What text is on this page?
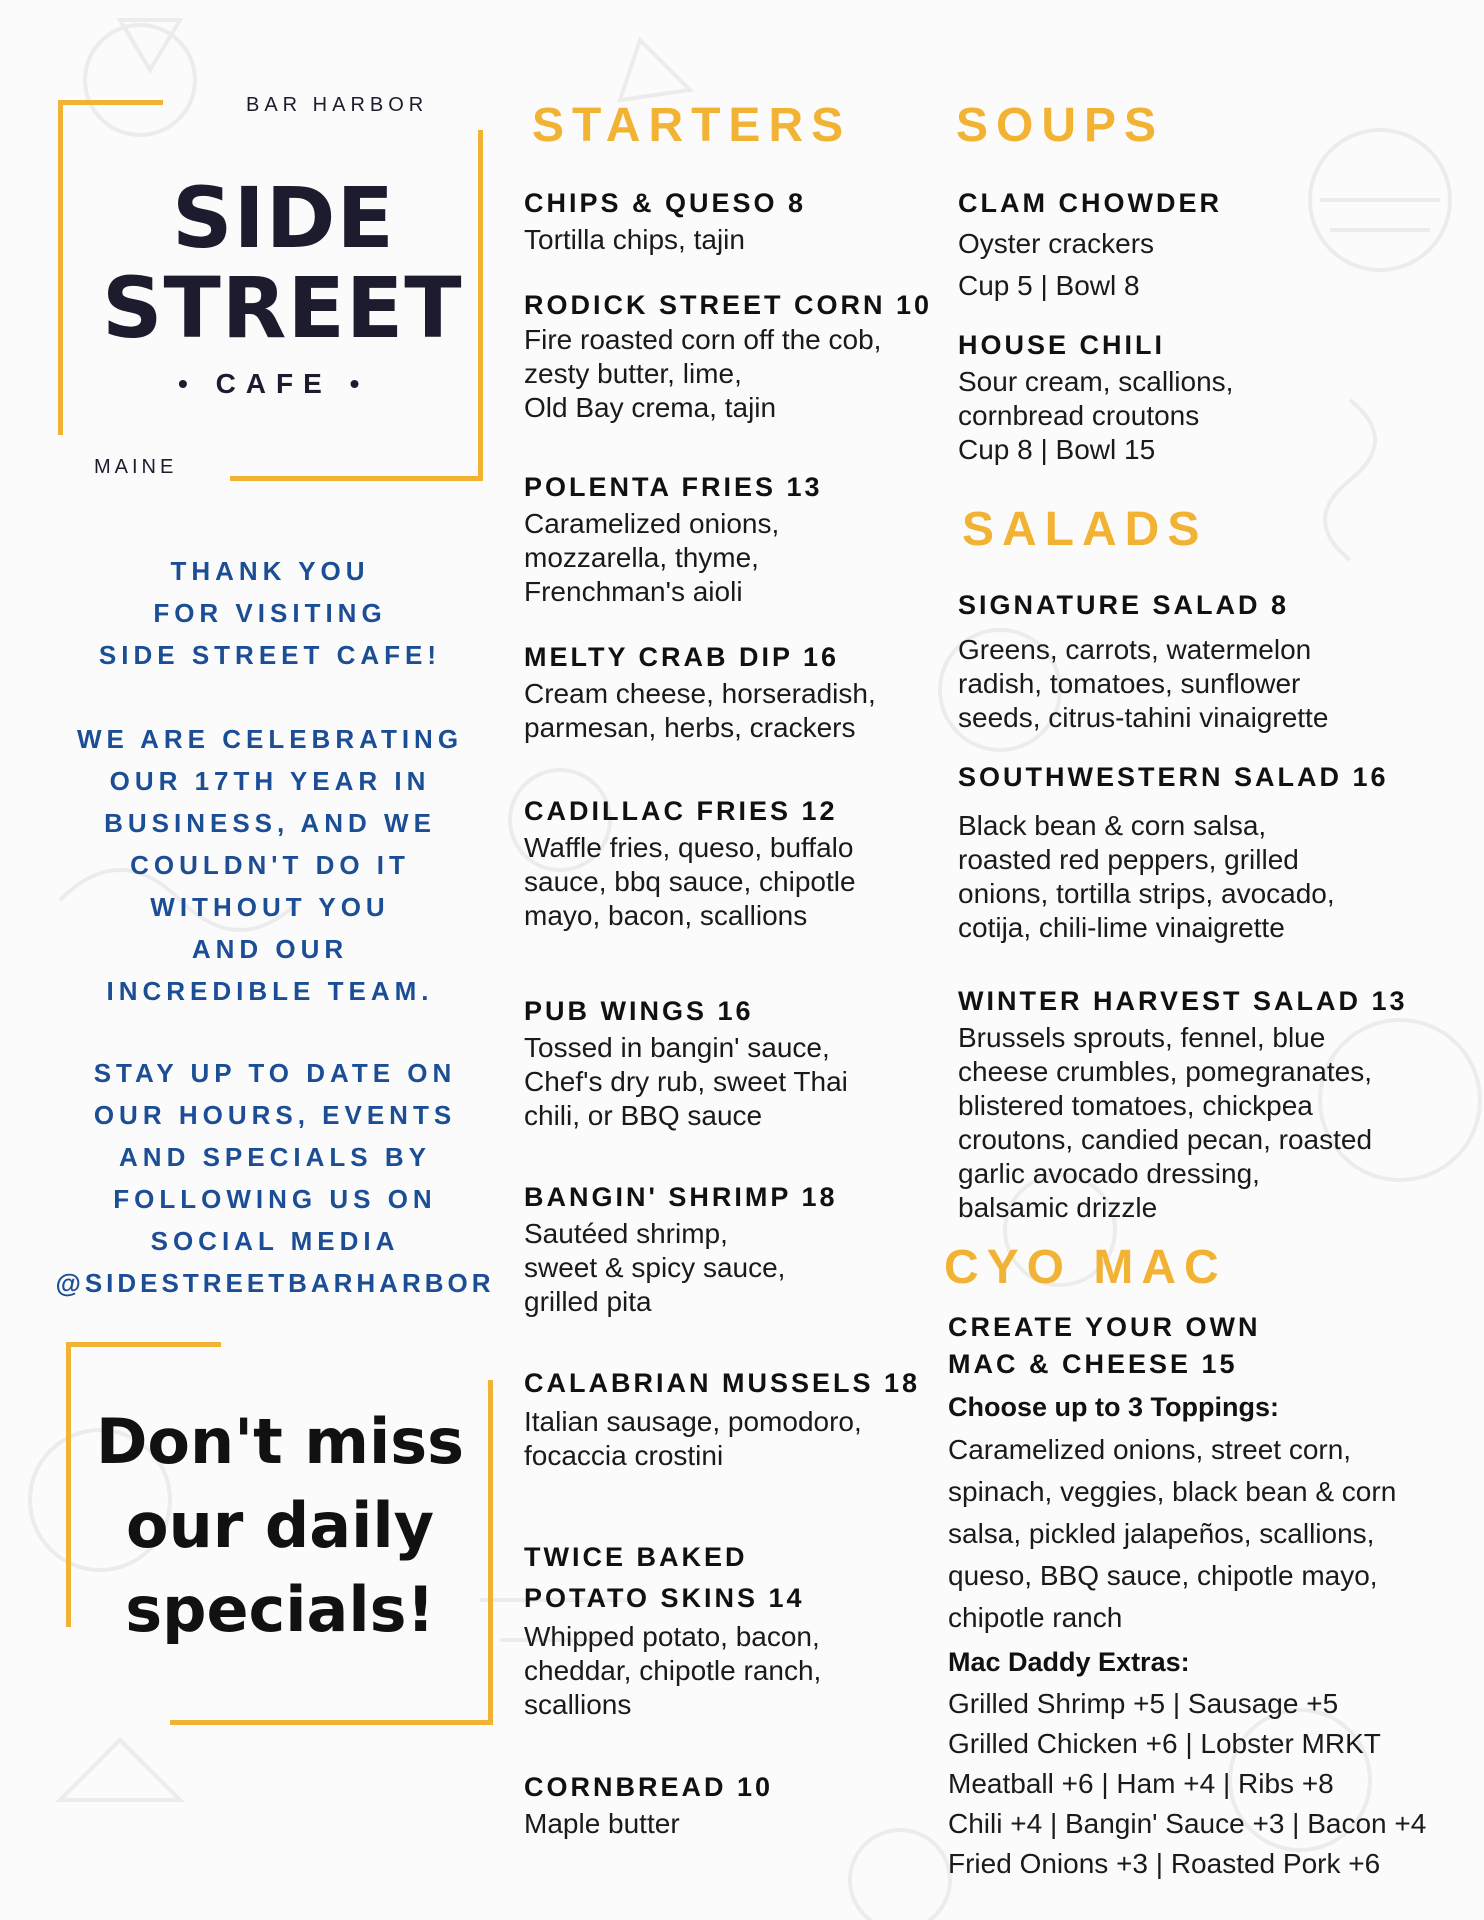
BAR HARBOR
SIDE
STREET
• CAFE •
MAINE
THANK YOU
FOR VISITING
SIDE STREET CAFE!
WE ARE CELEBRATING
OUR 17TH YEAR IN
BUSINESS, AND WE
COULDN'T DO IT
WITHOUT YOU
AND OUR
INCREDIBLE TEAM.
STAY UP TO DATE ON
OUR HOURS, EVENTS
AND SPECIALS BY
FOLLOWING US ON
SOCIAL MEDIA
@SIDESTREETBARHARBOR
Don't miss
our daily
specials!
STARTERS
CHIPS & QUESO 8
Tortilla chips, tajin
RODICK STREET CORN 10
Fire roasted corn off the cob,
zesty butter, lime,
Old Bay crema, tajin
POLENTA FRIES 13
Caramelized onions,
mozzarella, thyme,
Frenchman's aioli
MELTY CRAB DIP 16
Cream cheese, horseradish,
parmesan, herbs, crackers
CADILLAC FRIES 12
Waffle fries, queso, buffalo
sauce, bbq sauce, chipotle
mayo, bacon, scallions
PUB WINGS 16
Tossed in bangin' sauce,
Chef's dry rub, sweet Thai
chili, or BBQ sauce
BANGIN' SHRIMP 18
Sautéed shrimp,
sweet & spicy sauce,
grilled pita
CALABRIAN MUSSELS 18
Italian sausage, pomodoro,
focaccia crostini
TWICE BAKED
POTATO SKINS 14
Whipped potato, bacon,
cheddar, chipotle ranch,
scallions
CORNBREAD 10
Maple butter
SOUPS
CLAM CHOWDER
Oyster crackers
Cup 5 | Bowl 8
HOUSE CHILI
Sour cream, scallions,
cornbread croutons
Cup 8 | Bowl 15
SALADS
SIGNATURE SALAD 8
Greens, carrots, watermelon
radish, tomatoes, sunflower
seeds, citrus-tahini vinaigrette
SOUTHWESTERN SALAD 16
Black bean & corn salsa,
roasted red peppers, grilled
onions, tortilla strips, avocado,
cotija, chili-lime vinaigrette
WINTER HARVEST SALAD 13
Brussels sprouts, fennel, blue
cheese crumbles, pomegranates,
blistered tomatoes, chickpea
croutons, candied pecan, roasted
garlic avocado dressing,
balsamic drizzle
CYO MAC
CREATE YOUR OWN
MAC & CHEESE 15
Choose up to 3 Toppings:
Caramelized onions, street corn,
spinach, veggies, black bean & corn
salsa, pickled jalapeños, scallions,
queso, BBQ sauce, chipotle mayo,
chipotle ranch
Mac Daddy Extras:
Grilled Shrimp +5 | Sausage +5
Grilled Chicken +6 | Lobster MRKT
Meatball +6 | Ham +4 | Ribs +8
Chili +4 | Bangin' Sauce +3 | Bacon +4
Fried Onions +3 | Roasted Pork +6
